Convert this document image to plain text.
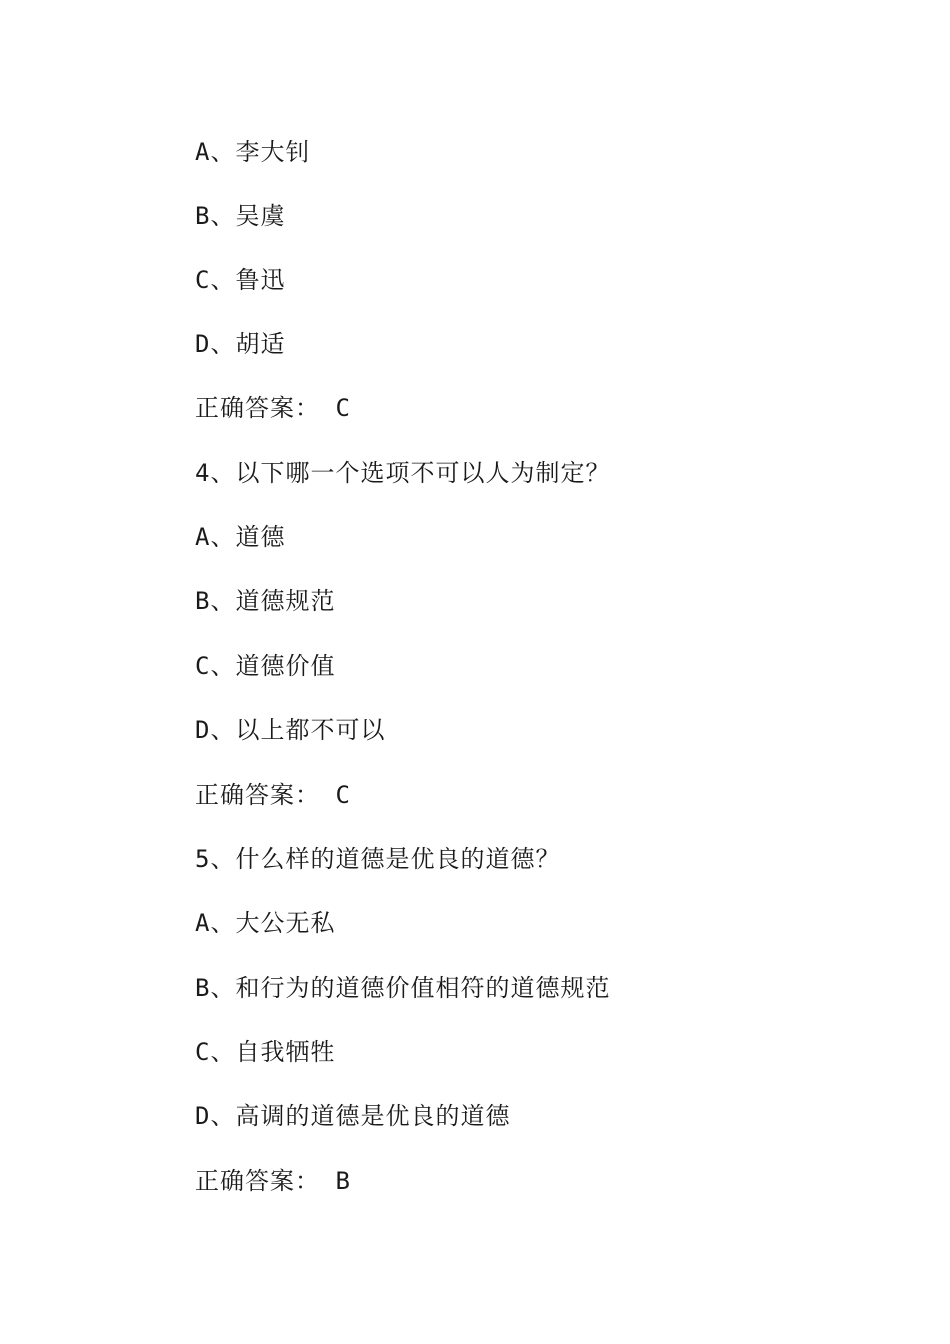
A、李大钊
B、吴虞
C、鲁迅
D、胡适
正确答案： C
4、以下哪一个选项不可以人为制定？
A、道德
B、道德规范
C、道德价值
D、以上都不可以
正确答案： C
5、什么样的道德是优良的道德？
A、大公无私
B、和行为的道德价值相符的道德规范
C、自我牺牲
D、高调的道德是优良的道德
正确答案： B
